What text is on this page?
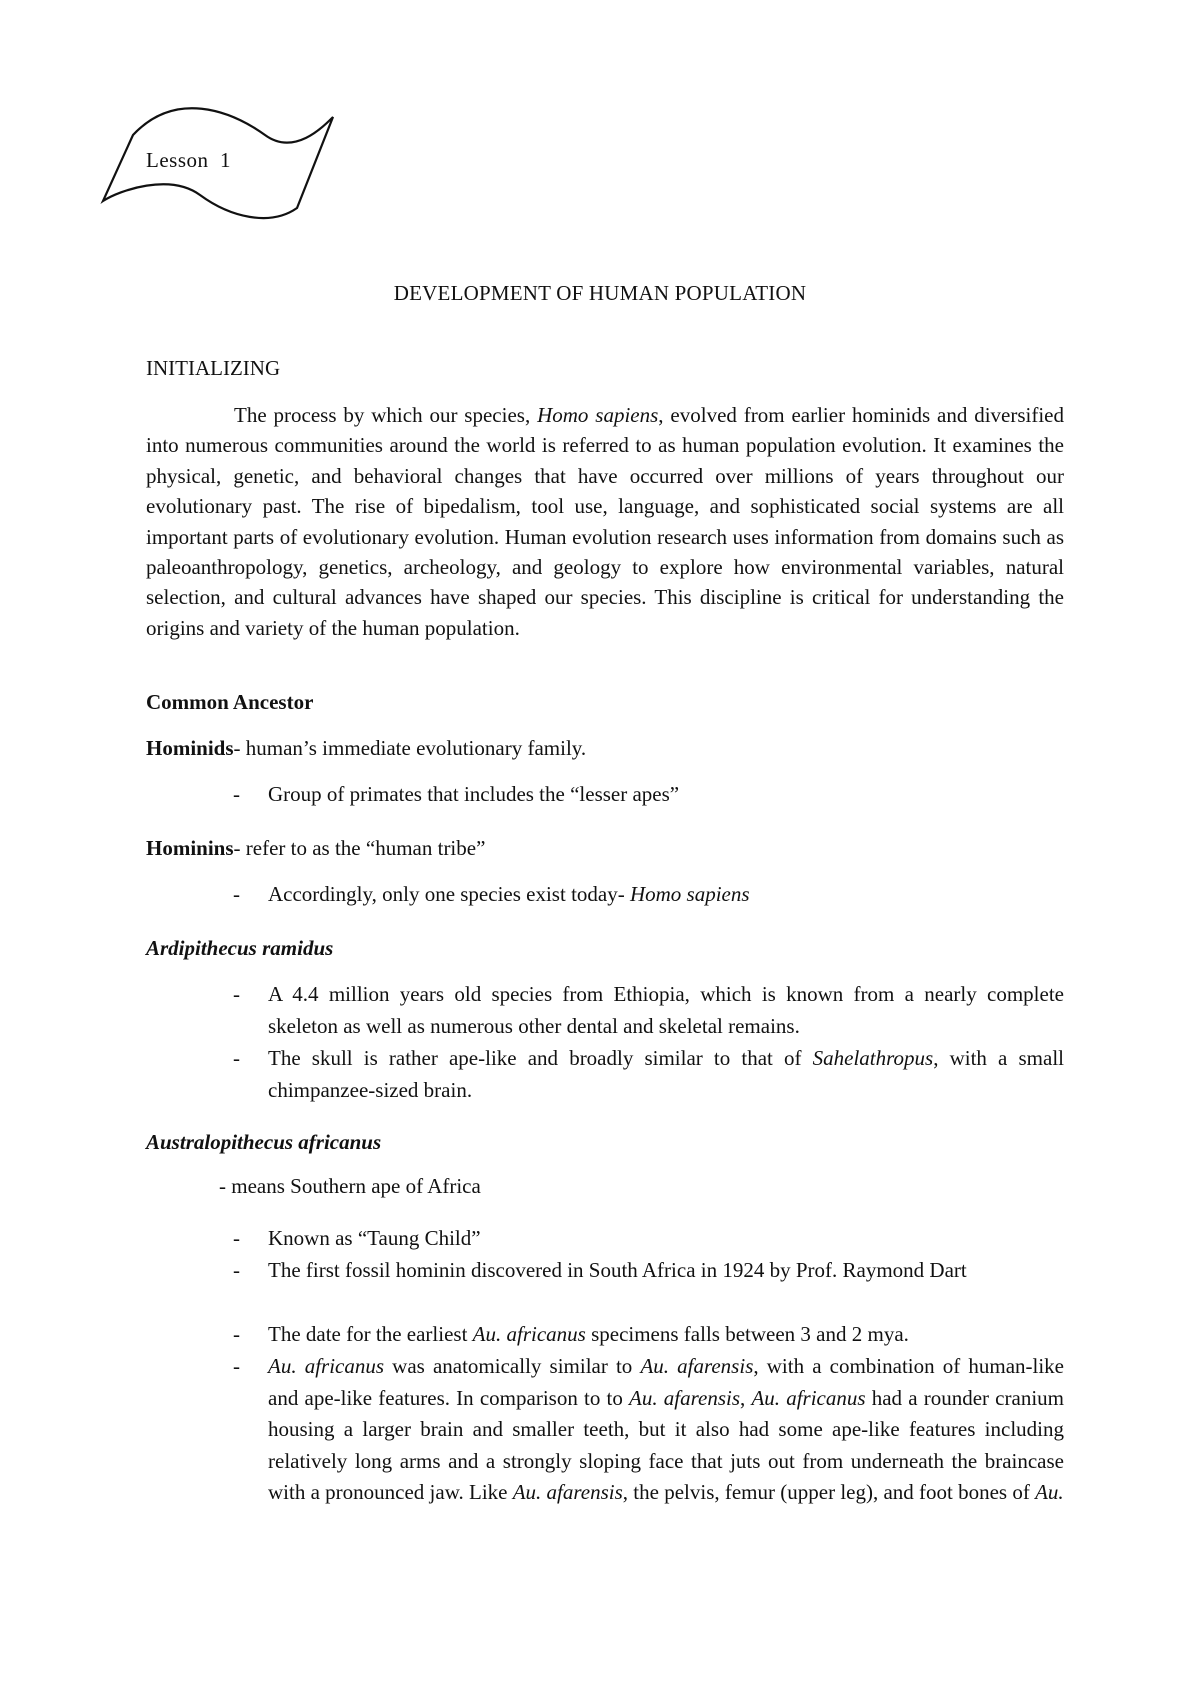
Lesson  1
DEVELOPMENT OF HUMAN POPULATION
INITIALIZING

The process by which our species, Homo sapiens, evolved from earlier hominids and diversified into numerous communities around the world is referred to as human population evolution. It examines the physical, genetic, and behavioral changes that have occurred over millions of years throughout our evolutionary past. The rise of bipedalism, tool use, language, and sophisticated social systems are all important parts of evolutionary evolution. Human evolution research uses information from domains such as paleoanthropology, genetics, archeology, and geology to explore how environmental variables, natural selection, and cultural advances have shaped our species. This discipline is critical for understanding the origins and variety of the human population.

Common Ancestor
Hominids- human’s immediate evolutionary family.
- Group of primates that includes the “lesser apes”
Hominins- refer to as the “human tribe”
- Accordingly, only one species exist today- Homo sapiens
Ardipithecus ramidus
- A 4.4 million years old species from Ethiopia, which is known from a nearly complete skeleton as well as numerous other dental and skeletal remains.
- The skull is rather ape-like and broadly similar to that of Sahelathropus, with a small chimpanzee-sized brain.
Australopithecus africanus
- means Southern ape of Africa
- Known as “Taung Child”
- The first fossil hominin discovered in South Africa in 1924 by Prof. Raymond Dart
- The date for the earliest Au. africanus specimens falls between 3 and 2 mya.
- Au. africanus was anatomically similar to Au. afarensis, with a combination of human-like and ape-like features. In comparison to to Au. afarensis, Au. africanus had a rounder cranium housing a larger brain and smaller teeth, but it also had some ape-like features including relatively long arms and a strongly sloping face that juts out from underneath the braincase with a pronounced jaw. Like Au. afarensis, the pelvis, femur (upper leg), and foot bones of Au.
